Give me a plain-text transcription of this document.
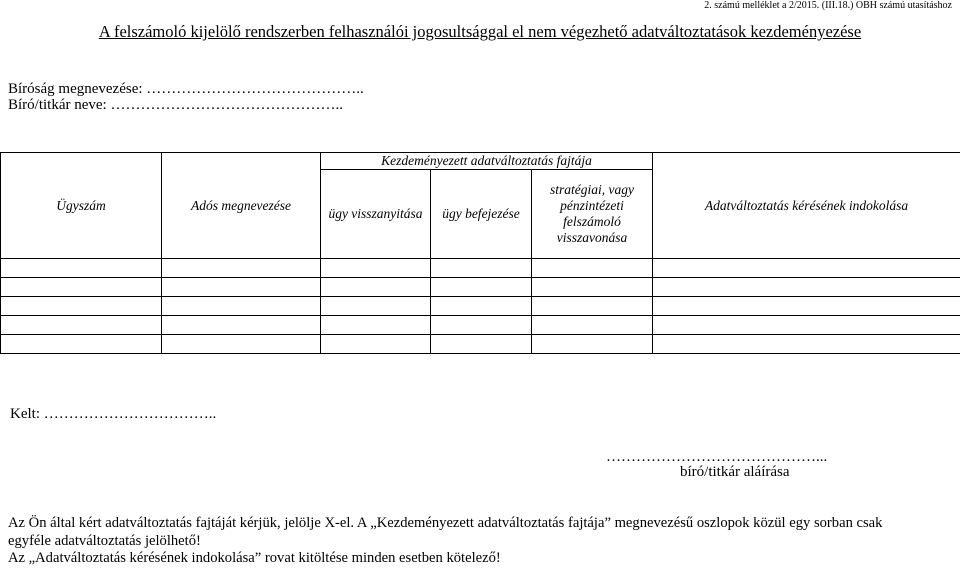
2. számú melléklet a 2/2015. (III.18.) OBH számú utasításhoz
A felszámoló kijelölő rendszerben felhasználói jogosultsággal el nem végezhető adatváltoztatások kezdeményezése
Bíróság megnevezése: ……………………………………..
Bíró/titkár neve: ………………………………………..
Ügyszám	Adós megnevezése	Kezdeményezett adatváltoztatás fajtája			Adatváltoztatás kérésének indokolása
		ügy visszanyitása	ügy befejezése	stratégiai, vagy pénzintézeti felszámoló visszavonása	

Kelt: ……………………………..
……………………………………...
bíró/titkár aláírása
Az Ön által kért adatváltoztatás fajtáját kérjük, jelölje X-el. A „Kezdeményezett adatváltoztatás fajtája” megnevezésű oszlopok közül egy sorban csak
egyféle adatváltoztatás jelölhető!
Az „Adatváltoztatás kérésének indokolása” rovat kitöltése minden esetben kötelező!
